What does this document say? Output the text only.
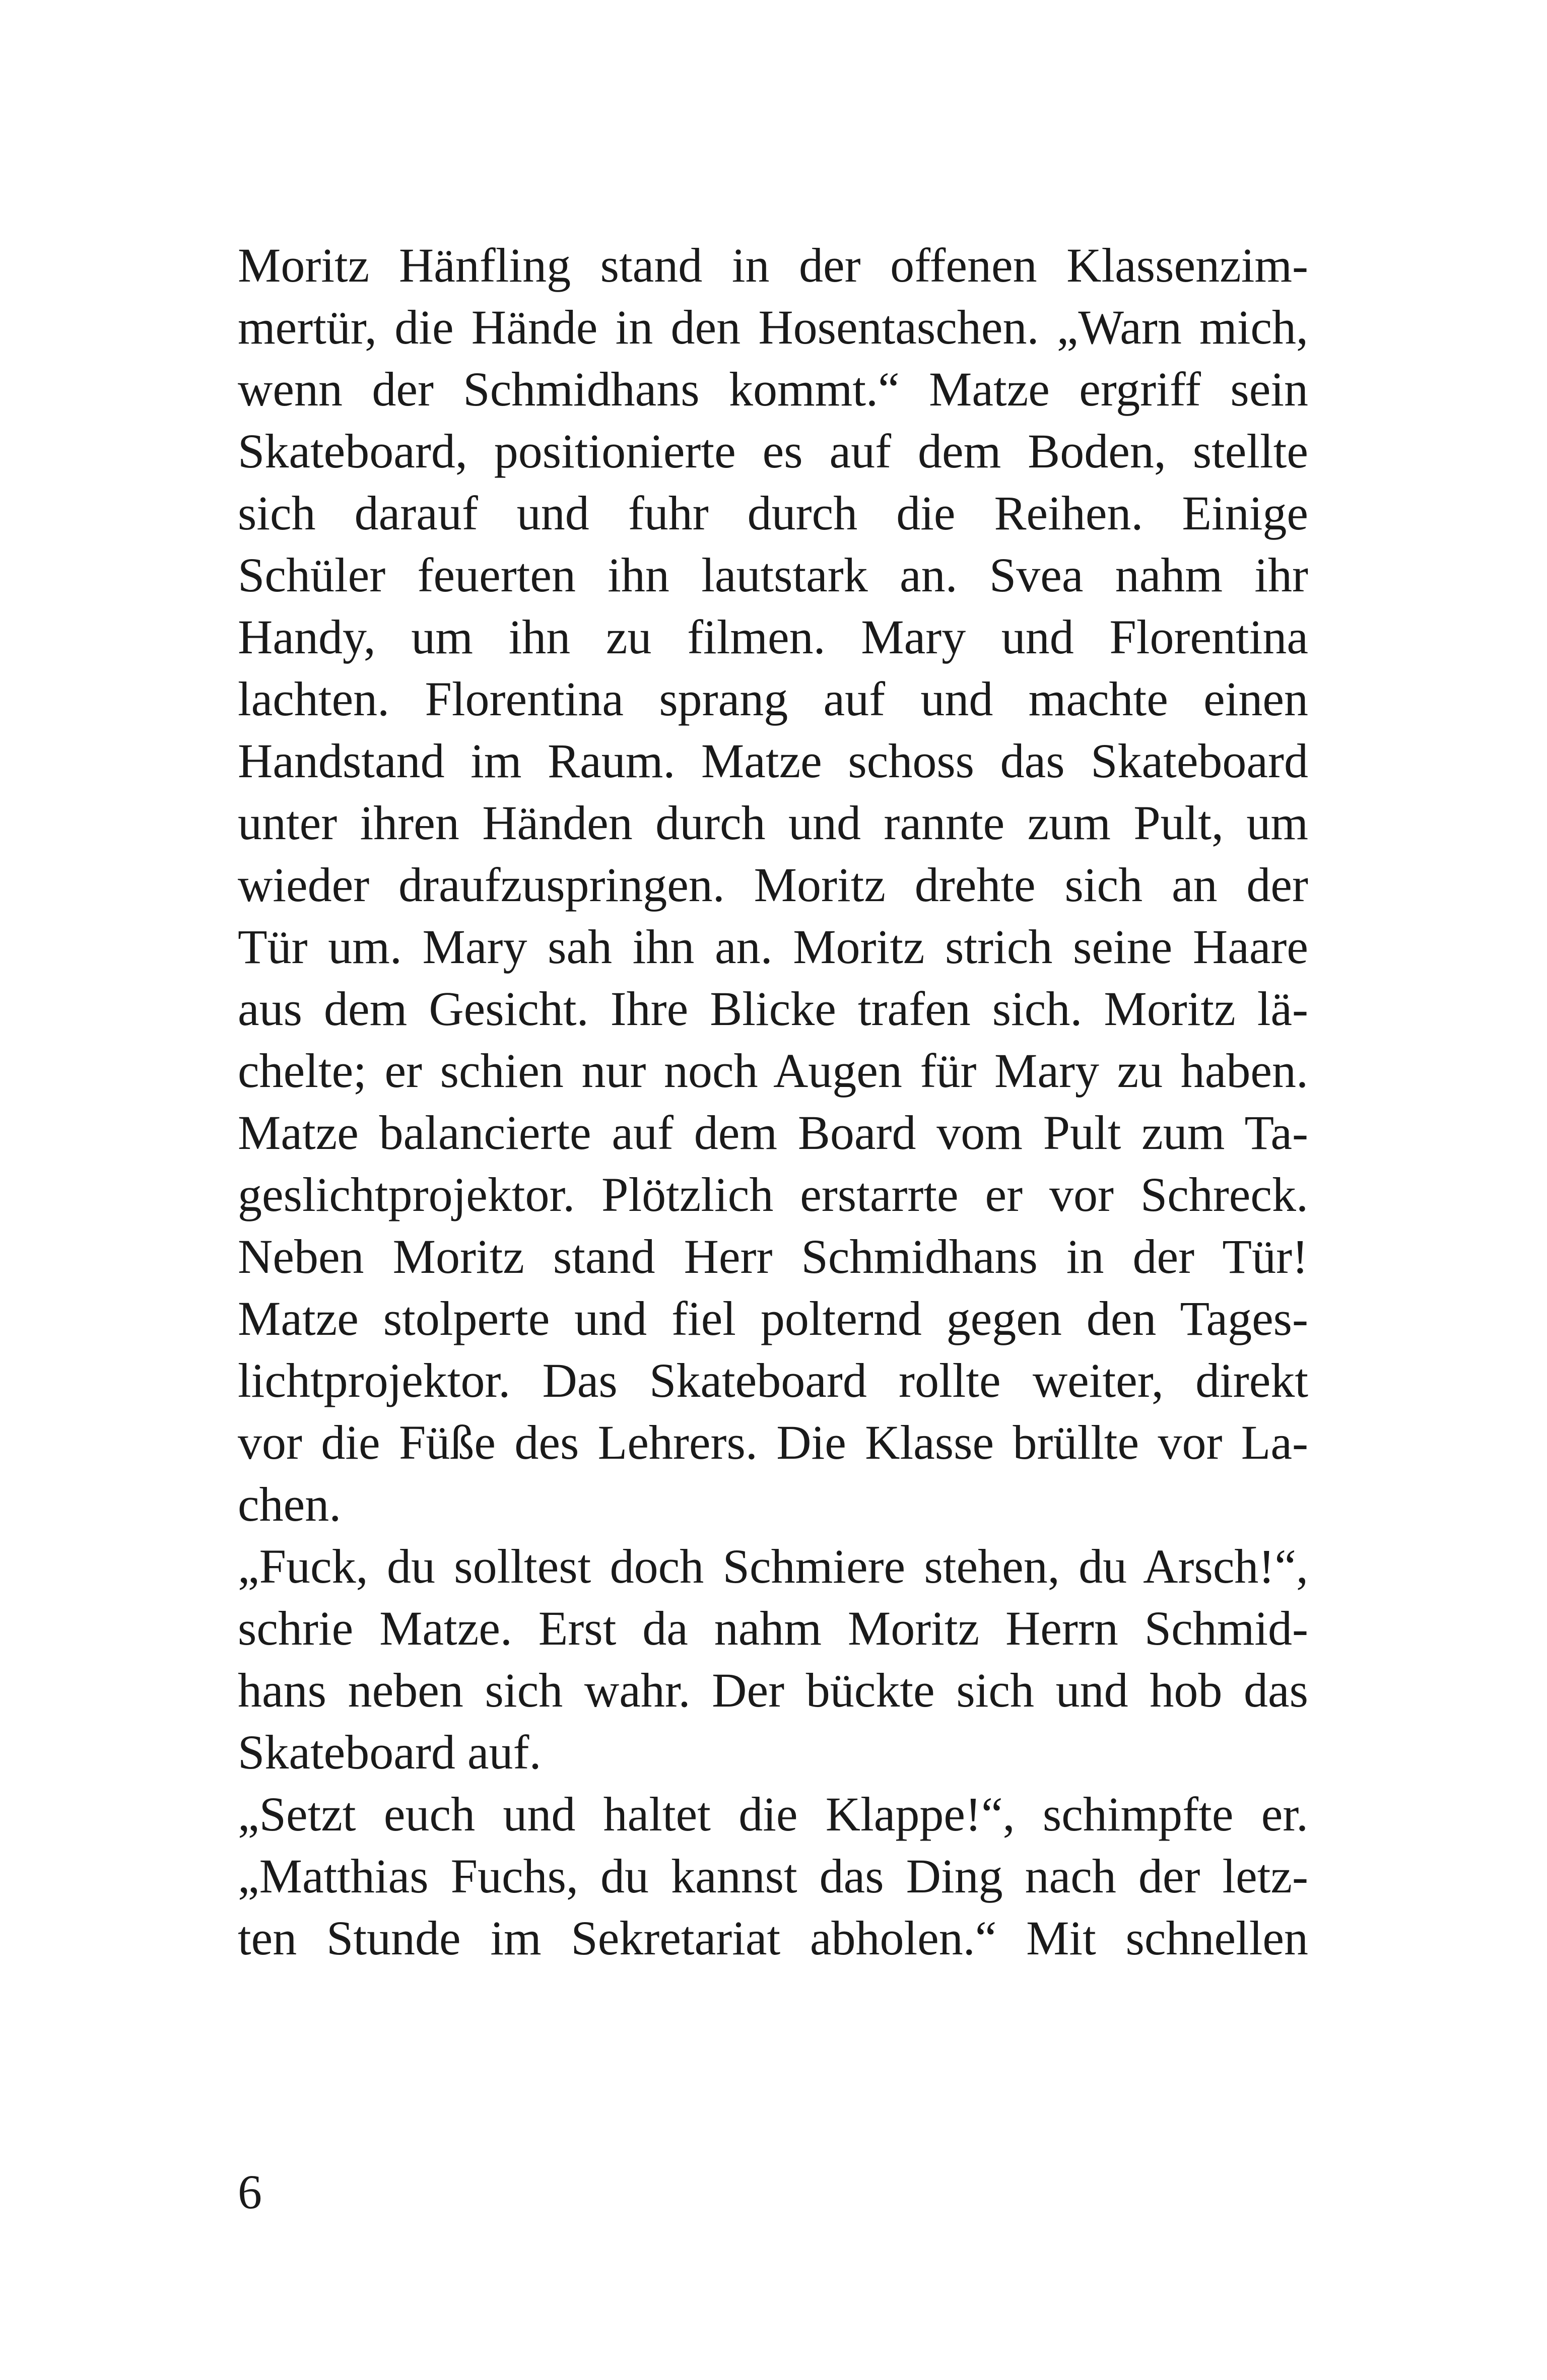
Moritz Hänfling stand in der offenen Klassenzim-
mertür, die Hände in den Hosentaschen. „Warn mich,
wenn der Schmidhans kommt.“ Matze ergriff sein
Skateboard, positionierte es auf dem Boden, stellte
sich darauf und fuhr durch die Reihen. Einige
Schüler feuerten ihn lautstark an. Svea nahm ihr
Handy, um ihn zu filmen. Mary und Florentina
lachten. Florentina sprang auf und machte einen
Handstand im Raum. Matze schoss das Skateboard
unter ihren Händen durch und rannte zum Pult, um
wieder draufzuspringen. Moritz drehte sich an der
Tür um. Mary sah ihn an. Moritz strich seine Haare
aus dem Gesicht. Ihre Blicke trafen sich. Moritz lä-
chelte; er schien nur noch Augen für Mary zu haben.
Matze balancierte auf dem Board vom Pult zum Ta-
geslichtprojektor. Plötzlich erstarrte er vor Schreck.
Neben Moritz stand Herr Schmidhans in der Tür!
Matze stolperte und fiel polternd gegen den Tages-
lichtprojektor. Das Skateboard rollte weiter, direkt
vor die Füße des Lehrers. Die Klasse brüllte vor La-
chen.
„Fuck, du solltest doch Schmiere stehen, du Arsch!“,
schrie Matze. Erst da nahm Moritz Herrn Schmid-
hans neben sich wahr. Der bückte sich und hob das
Skateboard auf.
„Setzt euch und haltet die Klappe!“, schimpfte er.
„Matthias Fuchs, du kannst das Ding nach der letz-
ten Stunde im Sekretariat abholen.“ Mit schnellen
6
